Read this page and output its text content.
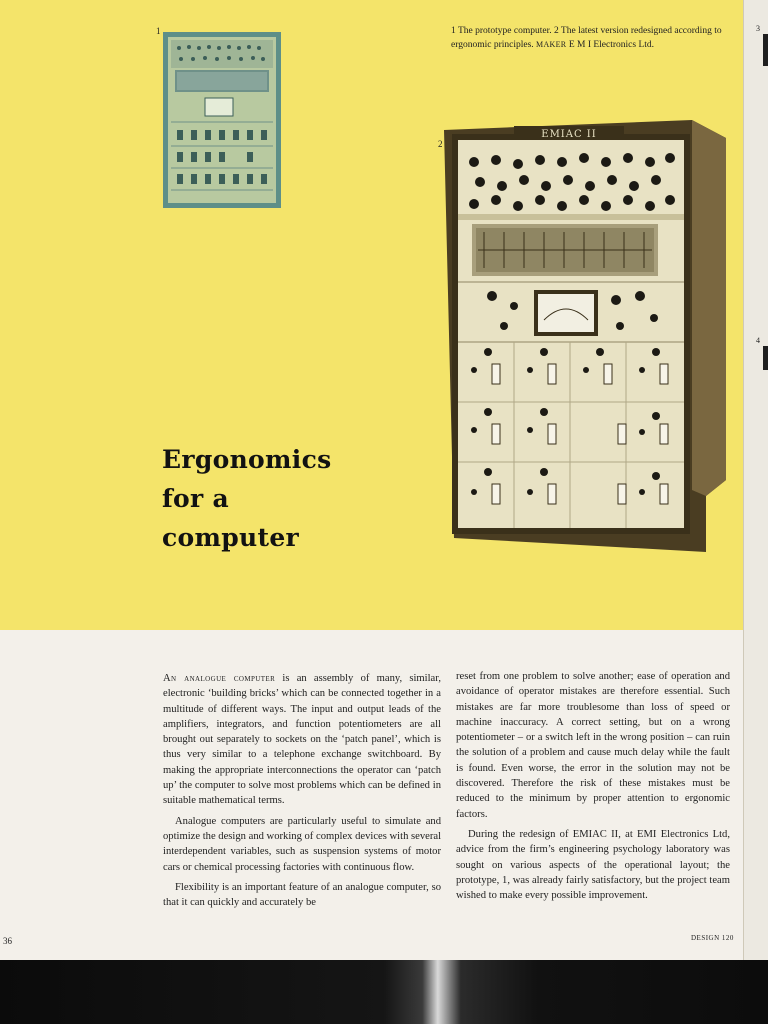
1
2
1 The prototype computer. 2 The latest version redesigned according to ergonomic principles. MAKER E M I Electronics Ltd.
EMIAC II
Ergonomics
for a
computer

An analogue computer is an assembly of many, similar, electronic ‘building bricks’ which can be connected together in a multitude of different ways. The input and output leads of the amplifiers, integrators, and function potentiometers are all brought out separately to sockets on the ‘patch panel’, which is thus very similar to a telephone exchange switchboard. By making the appropriate interconnections the operator can ‘patch up’ the computer to solve most problems which can be defined in suitable mathematical terms.

Analogue computers are particularly useful to simulate and optimize the design and working of complex devices with several interdependent variables, such as suspension systems of motor cars or chemical processing factories with continuous flow.

Flexibility is an important feature of an analogue computer, so that it can quickly and accurately be

reset from one problem to solve another; ease of operation and avoidance of operator mistakes are therefore essential. Such mistakes are far more troublesome than loss of speed or machine inaccuracy. A correct setting, but on a wrong potentiometer – or a switch left in the wrong position – can ruin the solution of a problem and cause much delay while the fault is found. Even worse, the error in the solution may not be discovered. Therefore the risk of these mistakes must be reduced to the minimum by proper attention to ergonomic factors.

During the redesign of EMIAC II, at EMI Electronics Ltd, advice from the firm’s engineering psychology laboratory was sought on various aspects of the operational layout; the prototype, 1, was already fairly satisfactory, but the project team wished to make every possible improvement.

36	DESIGN 120
3
4
